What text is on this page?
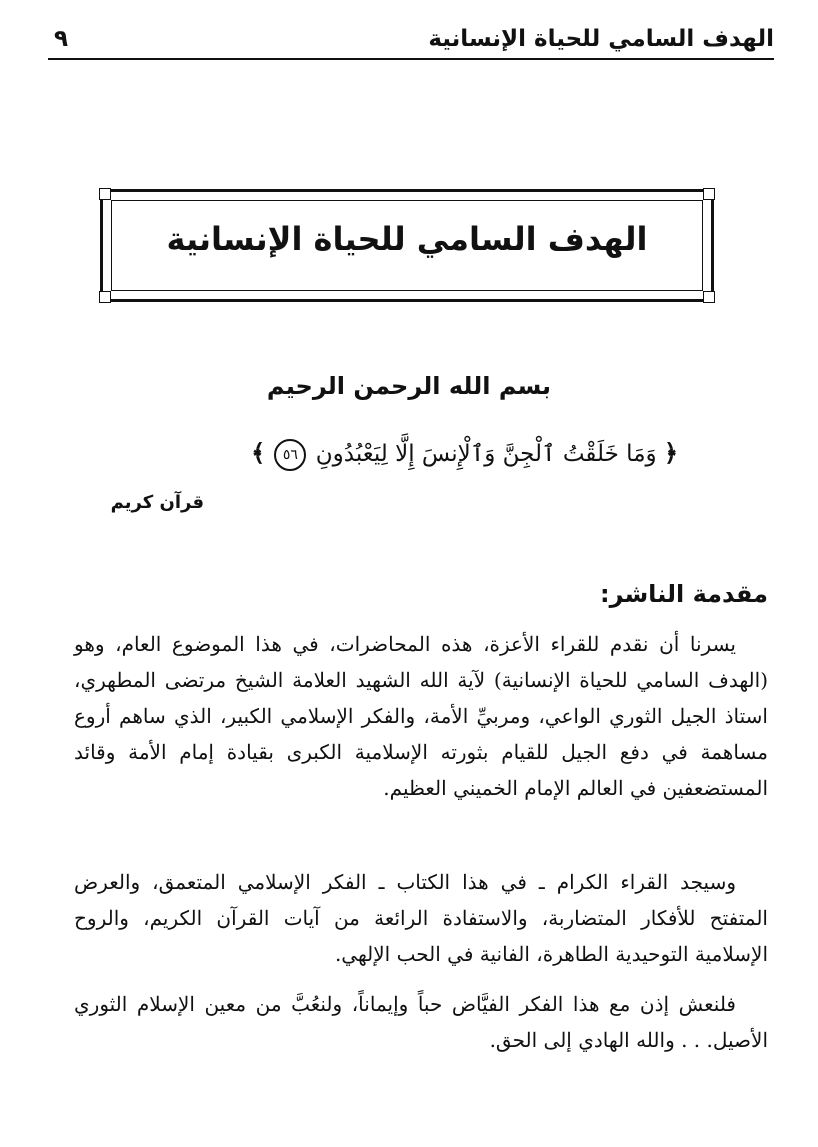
الهدف السامي للحياة الإنسانية
٩
الهدف السامي للحياة الإنسانية
بسم الله الرحمن الرحيم
﴿ وَمَا خَلَقْتُ ٱلْجِنَّ وَٱلْإِنسَ إِلَّا لِيَعْبُدُونِ ٥٦ ﴾
قرآن كريم
مقدمة الناشر:

يسرنا أن نقدم للقراء الأعزة، هذه المحاضرات، في هذا الموضوع العام، وهو (الهدف السامي للحياة الإنسانية) لآية الله الشهيد العلامة الشيخ مرتضى المطهري، استاذ الجيل الثوري الواعي، ومربيِّ الأمة، والفكر الإسلامي الكبير، الذي ساهم أروع مساهمة في دفع الجيل للقيام بثورته الإسلامية الكبرى بقيادة إمام الأمة وقائد المستضعفين في العالم الإمام الخميني العظيم.

وسيجد القراء الكرام ـ في هذا الكتاب ـ الفكر الإسلامي المتعمق، والعرض المتفتح للأفكار المتضاربة، والاستفادة الرائعة من آيات القرآن الكريم، والروح الإسلامية التوحيدية الطاهرة، الفانية في الحب الإلهي.

فلنعش إذن مع هذا الفكر الفيَّاض حباً وإيماناً، ولنعُبَّ من معين الإسلام الثوري الأصيل. . . والله الهادي إلى الحق.
